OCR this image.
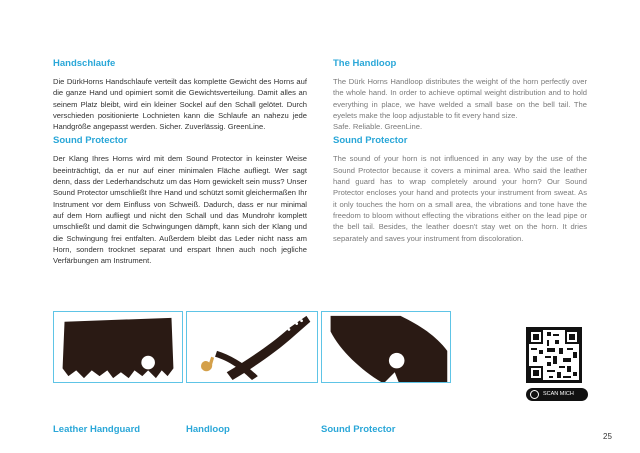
Handschlaufe

Die DürkHorns Handschlaufe verteilt das komplette Gewicht des Horns auf die ganze Hand und opimiert somit die Gewichtsverteilung. Damit alles an seinem Platz bleibt, wird ein kleiner Sockel auf den Schall gelötet. Durch verschieden positionierte Lochnieten kann die Schlaufe an nahezu jede Handgröße angepasst werden. Sicher. Zuverlässig. GreenLine.

Sound Protector

Der Klang Ihres Horns wird mit dem Sound Protector in keinster Weise beeinträchtigt, da er nur auf einer minimalen Fläche aufliegt. Wer sagt denn, dass der Lederhandschutz um das Horn gewickelt sein muss? Unser Sound Protector umschließt Ihre Hand und schützt somit gleichermaßen Ihr Instrument vor dem Einfluss von Schweiß. Dadurch, dass er nur minimal auf dem Horn aufliegt und nicht den Schall und das Mundrohr komplett umschließt und damit die Schwingungen dämpft, kann sich der Klang und die Schwingung frei entfalten. Außerdem bleibt das Leder nicht nass am Horn, sondern trocknet separat und erspart Ihnen auch noch jegliche Verfärbungen am Instrument.

The Handloop

The Dürk Horns Handloop distributes the weight of the horn perfectly over the whole hand. In order to achieve optimal weight distribution and to hold everything in place, we have welded a small base on the bell tail. The eyelets make the loop adjustable to fit every hand size.
Safe. Reliable. GreenLine.

Sound Protector

The sound of your horn is not influenced in any way by the use of the Sound Protector because it covers a minimal area. Who said the leather hand guard has to wrap completely around your horn? Our Sound Protector encloses your hand and protects your instrument from sweat. As it only touches the horn on a small area, the vibrations and tone have the freedom to bloom without effecting the vibrations either on the lead pipe or the bell tail. Besides, the leather doesn't stay wet on the horn. It dries separately and saves your instrument from discoloration.

Leather Handguard	Handloop	Sound Protector
SCAN MICH
25
